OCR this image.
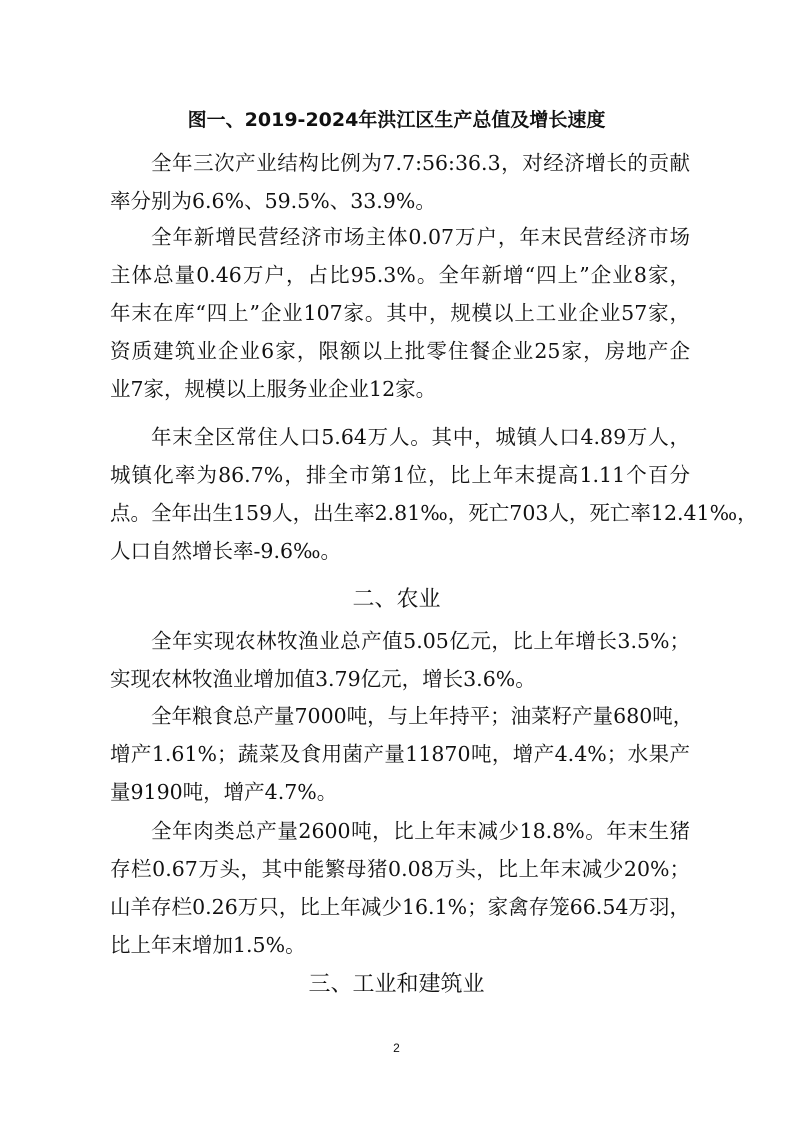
图一、2019-2024年洪江区生产总值及增长速度
全年三次产业结构比例为7.7:56:36.3，对经济增长的贡献
率分别为6.6%、59.5%、33.9%。
全年新增民营经济市场主体0.07万户，年末民营经济市场
主体总量0.46万户，占比95.3%。全年新增“四上”企业8家，
年末在库“四上”企业107家。其中，规模以上工业企业57家，
资质建筑业企业6家，限额以上批零住餐企业25家，房地产企
业7家，规模以上服务业企业12家。
年末全区常住人口5.64万人。其中，城镇人口4.89万人，
城镇化率为86.7%，排全市第1位，比上年末提高1.11个百分
点。全年出生159人，出生率2.81‰，死亡703人，死亡率12.41‰，
人口自然增长率-9.6‰。
二、农业
全年实现农林牧渔业总产值5.05亿元，比上年增长3.5%；
实现农林牧渔业增加值3.79亿元，增长3.6%。
全年粮食总产量7000吨，与上年持平；油菜籽产量680吨，
增产1.61%；蔬菜及食用菌产量11870吨，增产4.4%；水果产
量9190吨，增产4.7%。
全年肉类总产量2600吨，比上年末减少18.8%。年末生猪
存栏0.67万头，其中能繁母猪0.08万头，比上年末减少20%；
山羊存栏0.26万只，比上年减少16.1%；家禽存笼66.54万羽，
比上年末增加1.5%。
三、工业和建筑业
2
